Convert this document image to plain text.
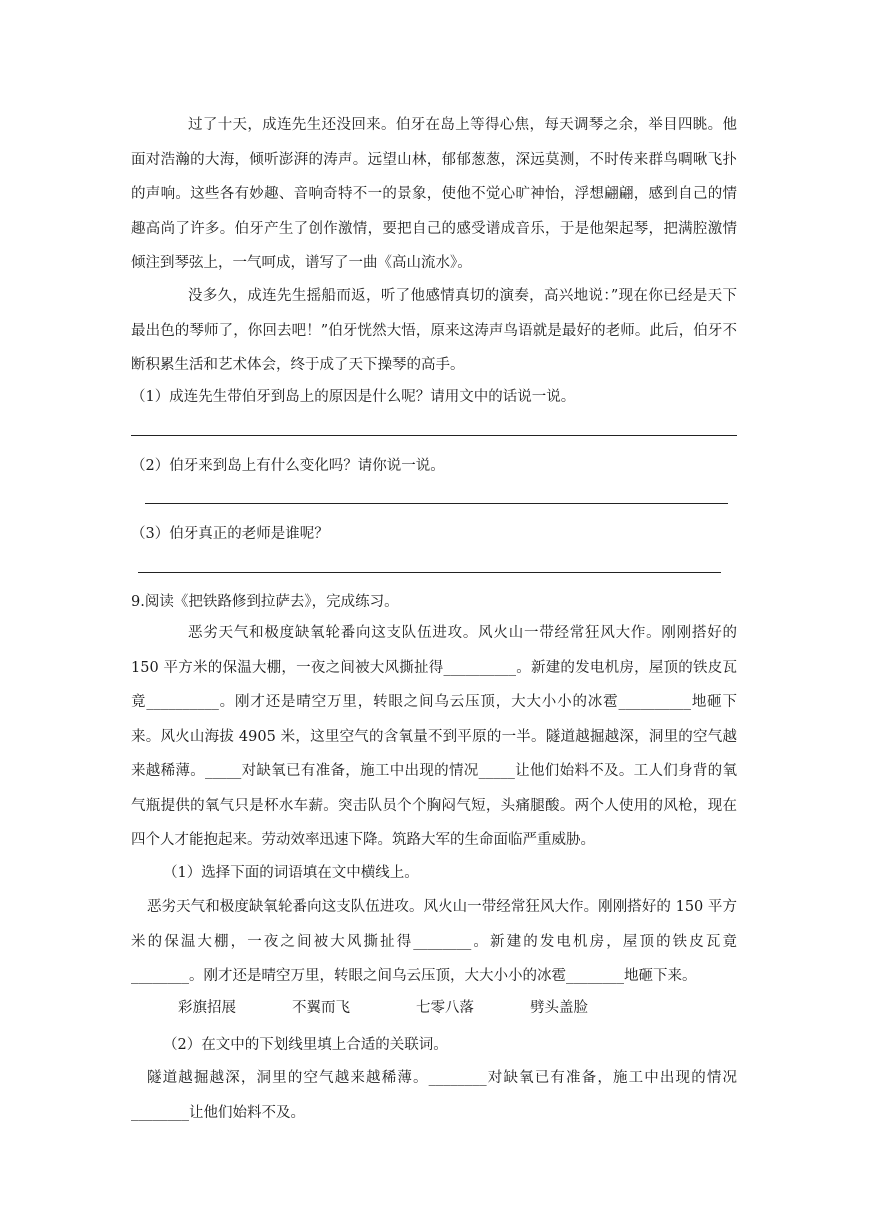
过了十天，成连先生还没回来。伯牙在岛上等得心焦，每天调琴之余，举目四眺。他面对浩瀚的大海，倾听澎湃的涛声。远望山林，郁郁葱葱，深远莫测，不时传来群鸟啁啾飞扑的声响。这些各有妙趣、音响奇特不一的景象，使他不觉心旷神怡，浮想翩翩，感到自己的情趣高尚了许多。伯牙产生了创作激情，要把自己的感受谱成音乐，于是他架起琴，把满腔激情倾注到琴弦上，一气呵成，谱写了一曲《高山流水》。

没多久，成连先生摇船而返，听了他感情真切的演奏，高兴地说：”现在你已经是天下最出色的琴师了，你回去吧！”伯牙恍然大悟，原来这涛声鸟语就是最好的老师。此后，伯牙不断积累生活和艺术体会，终于成了天下操琴的高手。

（1）成连先生带伯牙到岛上的原因是什么呢？请用文中的话说一说。
（2）伯牙来到岛上有什么变化吗？请你说一说。
（3）伯牙真正的老师是谁呢？
9.阅读《把铁路修到拉萨去》，完成练习。

恶劣天气和极度缺氧轮番向这支队伍进攻。风火山一带经常狂风大作。刚刚搭好的150 平方米的保温大棚，一夜之间被大风撕扯得__________。新建的发电机房，屋顶的铁皮瓦竟__________。刚才还是晴空万里，转眼之间乌云压顶，大大小小的冰雹__________地砸下来。风火山海拔 4905 米，这里空气的含氧量不到平原的一半。隧道越掘越深，洞里的空气越来越稀薄。_____对缺氧已有准备，施工中出现的情况_____让他们始料不及。工人们身背的氧气瓶提供的氧气只是杯水车薪。突击队员个个胸闷气短，头痛腿酸。两个人使用的风枪，现在四个人才能抱起来。劳动效率迅速下降。筑路大军的生命面临严重威胁。

（1）选择下面的词语填在文中横线上。

恶劣天气和极度缺氧轮番向这支队伍进攻。风火山一带经常狂风大作。刚刚搭好的 150 平方米的保温大棚，一夜之间被大风撕扯得________。新建的发电机房，屋顶的铁皮瓦竟________。刚才还是晴空万里，转眼之间乌云压顶，大大小小的冰雹________地砸下来。

彩旗招展	不翼而飞	七零八落	劈头盖脸
（2）在文中的下划线里填上合适的关联词。

隧道越掘越深，洞里的空气越来越稀薄。________对缺氧已有准备，施工中出现的情况________让他们始料不及。
